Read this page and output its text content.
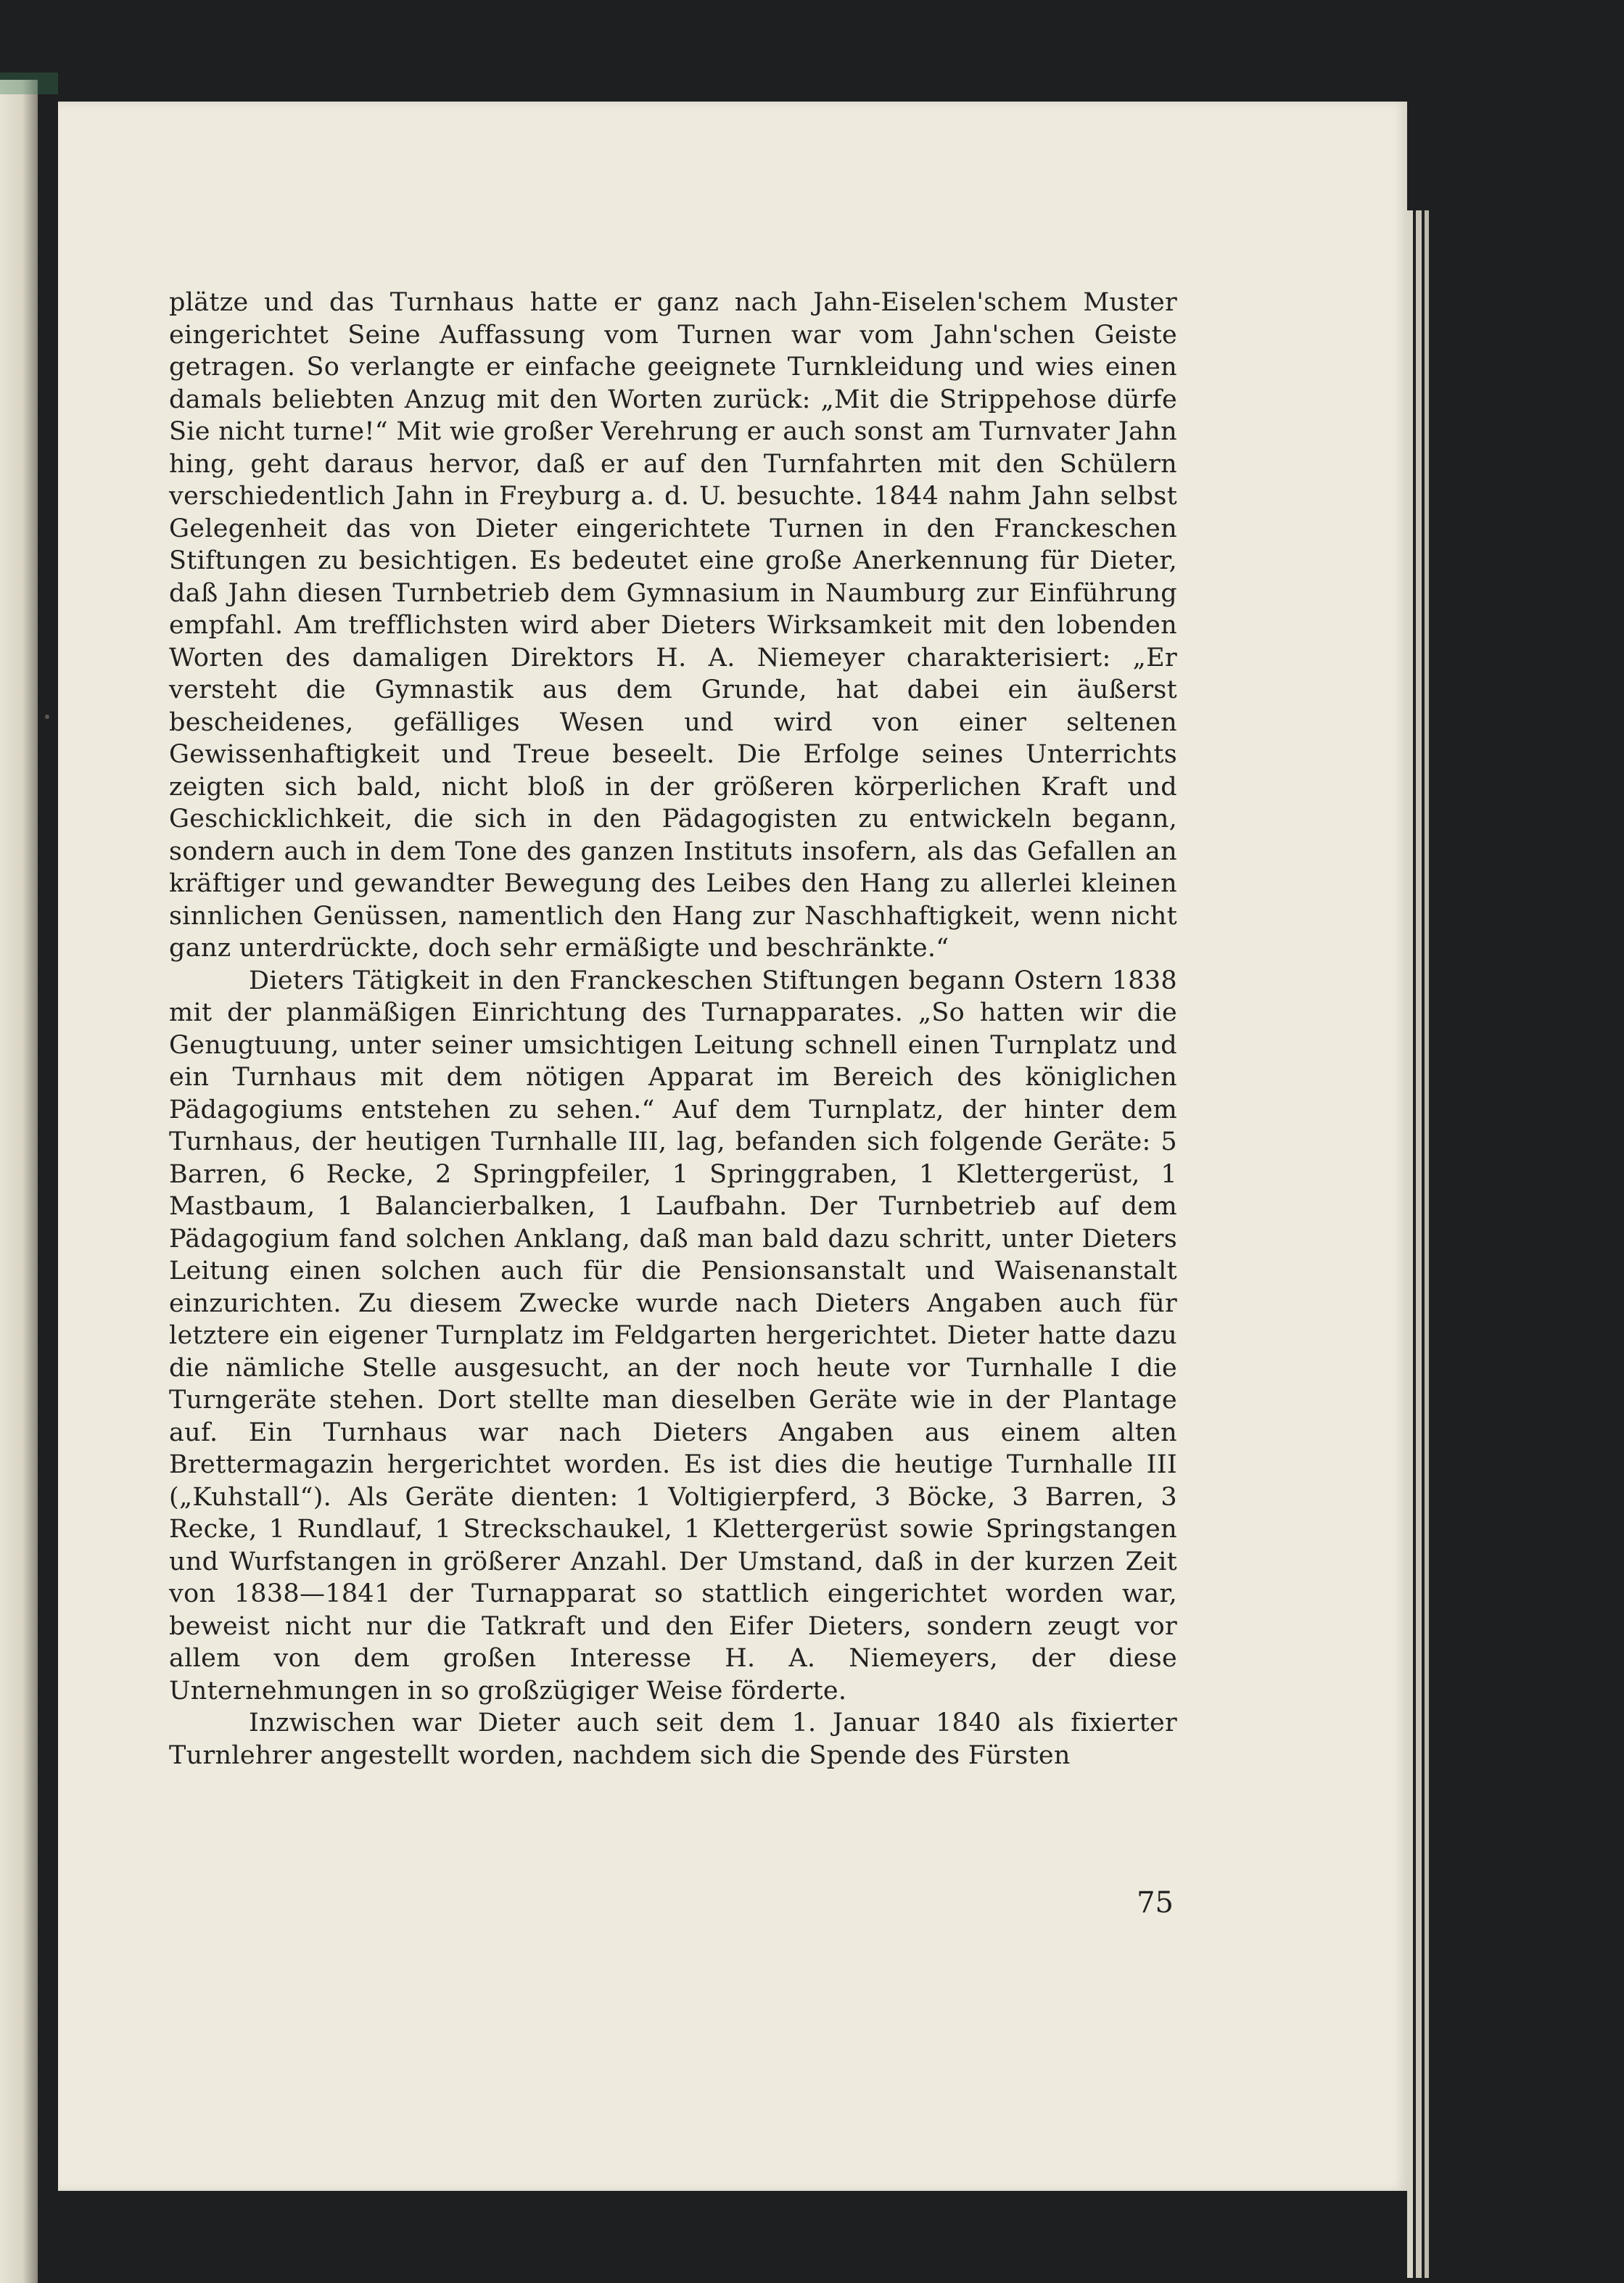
plätze und das Turnhaus hatte er ganz nach Jahn-Eiselen'schem Muster eingerichtet Seine Auffassung vom Turnen war vom Jahn'schen Geiste getragen. So verlangte er einfache geeignete Turnkleidung und wies einen damals beliebten Anzug mit den Worten zurück: „Mit die Strippehose dürfe Sie nicht turne!“ Mit wie großer Verehrung er auch sonst am Turnvater Jahn hing, geht daraus hervor, daß er auf den Turnfahrten mit den Schülern verschiedentlich Jahn in Freyburg a. d. U. besuchte. 1844 nahm Jahn selbst Gelegenheit das von Dieter eingerichtete Turnen in den Franckeschen Stiftungen zu besichtigen. Es bedeutet eine große Anerkennung für Dieter, daß Jahn diesen Turnbetrieb dem Gymnasium in Naumburg zur Einführung empfahl. Am trefflichsten wird aber Dieters Wirksamkeit mit den lobenden Worten des damaligen Direktors H. A. Niemeyer charakterisiert: „Er versteht die Gymnastik aus dem Grunde, hat dabei ein äußerst bescheidenes, gefälliges Wesen und wird von einer seltenen Gewissenhaftigkeit und Treue beseelt. Die Erfolge seines Unterrichts zeigten sich bald, nicht bloß in der größeren körperlichen Kraft und Geschicklichkeit, die sich in den Pädagogisten zu entwickeln begann, sondern auch in dem Tone des ganzen Instituts insofern, als das Gefallen an kräftiger und gewandter Bewegung des Leibes den Hang zu allerlei kleinen sinnlichen Genüssen, namentlich den Hang zur Naschhaftigkeit, wenn nicht ganz unterdrückte, doch sehr ermäßigte und beschränkte.“

Dieters Tätigkeit in den Franckeschen Stiftungen begann Ostern 1838 mit der planmäßigen Einrichtung des Turnapparates. „So hatten wir die Genugtuung, unter seiner umsichtigen Leitung schnell einen Turnplatz und ein Turnhaus mit dem nötigen Apparat im Bereich des königlichen Pädagogiums entstehen zu sehen.“ Auf dem Turnplatz, der hinter dem Turnhaus, der heutigen Turnhalle III, lag, befanden sich folgende Geräte: 5 Barren, 6 Recke, 2 Springpfeiler, 1 Springgraben, 1 Klettergerüst, 1 Mastbaum, 1 Balancierbalken, 1 Laufbahn. Der Turnbetrieb auf dem Pädagogium fand solchen Anklang, daß man bald dazu schritt, unter Dieters Leitung einen solchen auch für die Pensionsanstalt und Waisenanstalt einzurichten. Zu diesem Zwecke wurde nach Dieters Angaben auch für letztere ein eigener Turnplatz im Feldgarten hergerichtet. Dieter hatte dazu die nämliche Stelle ausgesucht, an der noch heute vor Turnhalle I die Turngeräte stehen. Dort stellte man dieselben Geräte wie in der Plantage auf. Ein Turnhaus war nach Dieters Angaben aus einem alten Brettermagazin hergerichtet worden. Es ist dies die heutige Turnhalle III („Kuhstall“). Als Geräte dienten: 1 Voltigierpferd, 3 Böcke, 3 Barren, 3 Recke, 1 Rundlauf, 1 Streckschaukel, 1 Klettergerüst sowie Springstangen und Wurfstangen in größerer Anzahl. Der Umstand, daß in der kurzen Zeit von 1838—1841 der Turnapparat so stattlich eingerichtet worden war, beweist nicht nur die Tatkraft und den Eifer Dieters, sondern zeugt vor allem von dem großen Interesse H. A. Niemeyers, der diese Unternehmungen in so großzügiger Weise förderte.

Inzwischen war Dieter auch seit dem 1. Januar 1840 als fixierter Turnlehrer angestellt worden, nachdem sich die Spende des Fürsten

75
